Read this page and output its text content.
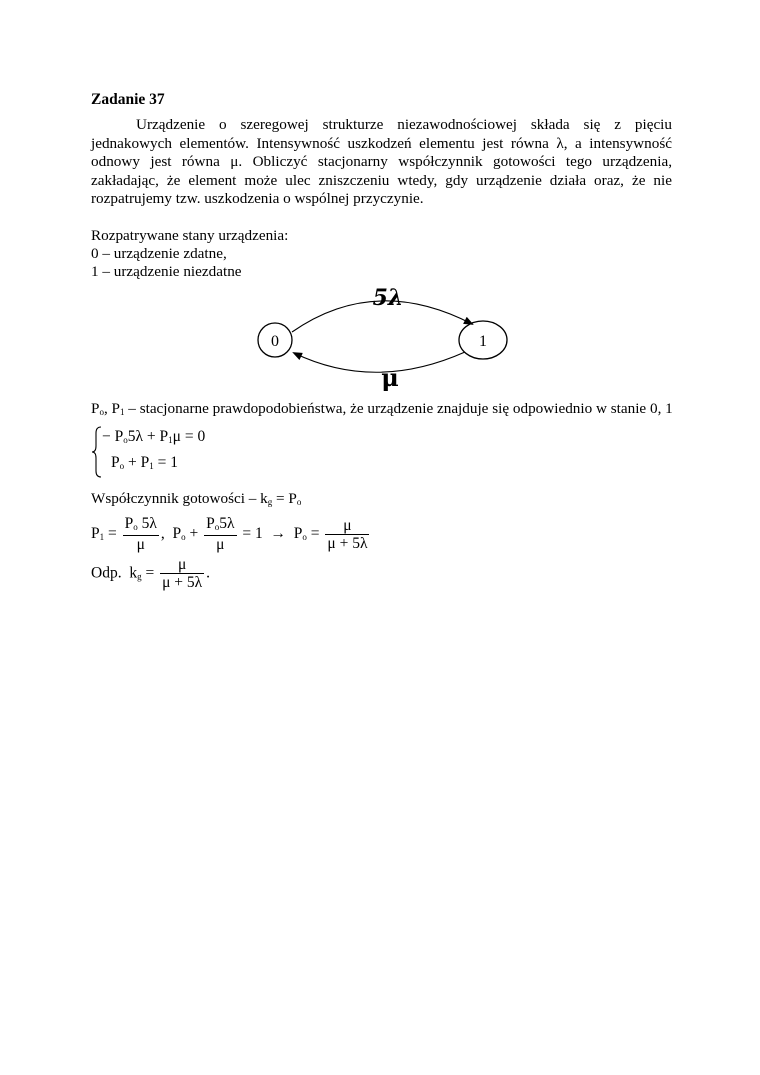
Zadanie 37
Urządzenie o szeregowej strukturze niezawodnościowej składa się z pięciu jednakowych elementów. Intensywność uszkodzeń elementu jest równa λ, a intensywność odnowy jest równa μ. Obliczyć stacjonarny współczynnik gotowości tego urządzenia, zakładając, że element może ulec zniszczeniu wtedy, gdy urządzenie działa oraz, że nie rozpatrujemy tzw. uszkodzenia o wspólnej przyczynie.
Rozpatrywane stany urządzenia:
0 – urządzenie zdatne,
1 – urządzenie niezdatne
0	1
5λ
μ
$P_o$, $P_1$ – stacjonarne prawdopodobieństwa, że urządzenie znajduje się odpowiednio w stanie 0, 1
− $P_o5\lambda + P_1\mu = 0$
$P_o + P_1 = 1$
Współczynnik gotowości – $k_g = P_o$
$P_1 = \frac{P_o 5\lambda}{\mu}$ , $P_o + \frac{P_o5\lambda}{\mu} = 1 \to P_o = \frac{\mu}{\mu + 5\lambda}$
Odp. $k_g = \frac{\mu}{\mu + 5\lambda}$ .
